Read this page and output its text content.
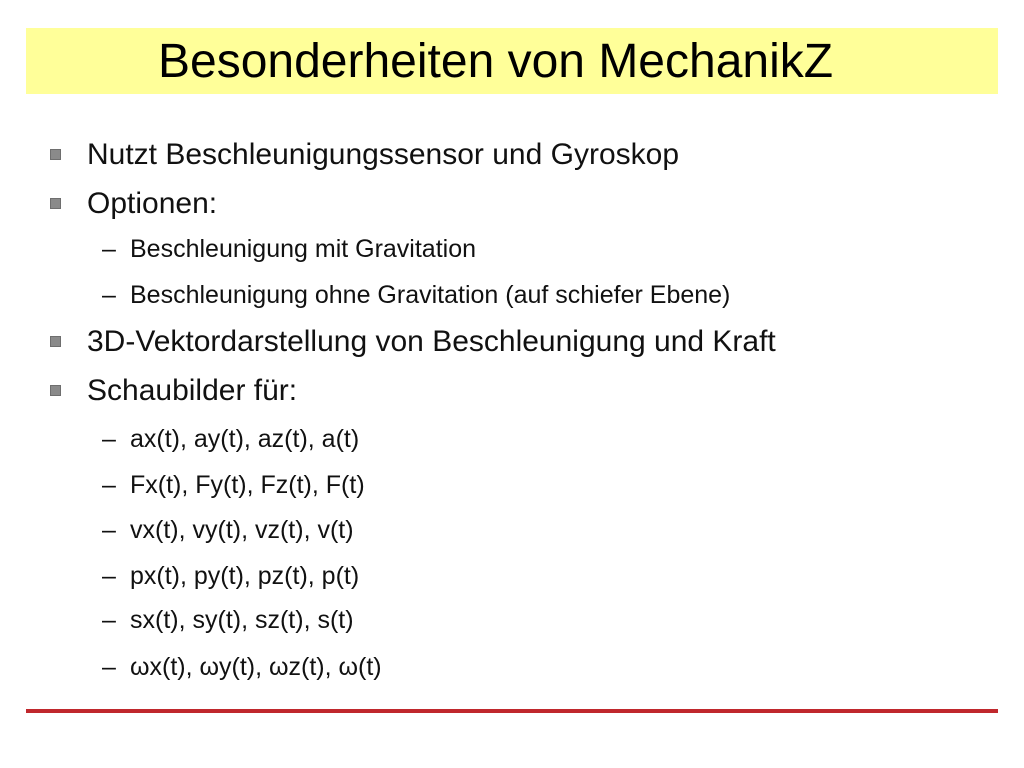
Besonderheiten von MechanikZ
Nutzt Beschleunigungssensor und Gyroskop
Optionen:
– Beschleunigung mit Gravitation
– Beschleunigung ohne Gravitation (auf schiefer Ebene)
3D-Vektordarstellung von Beschleunigung und Kraft
Schaubilder für:
– ax(t), ay(t), az(t), a(t)
– Fx(t), Fy(t), Fz(t), F(t)
– vx(t), vy(t), vz(t), v(t)
– px(t), py(t), pz(t), p(t)
– sx(t), sy(t), sz(t), s(t)
– ωx(t), ωy(t), ωz(t), ω(t)
